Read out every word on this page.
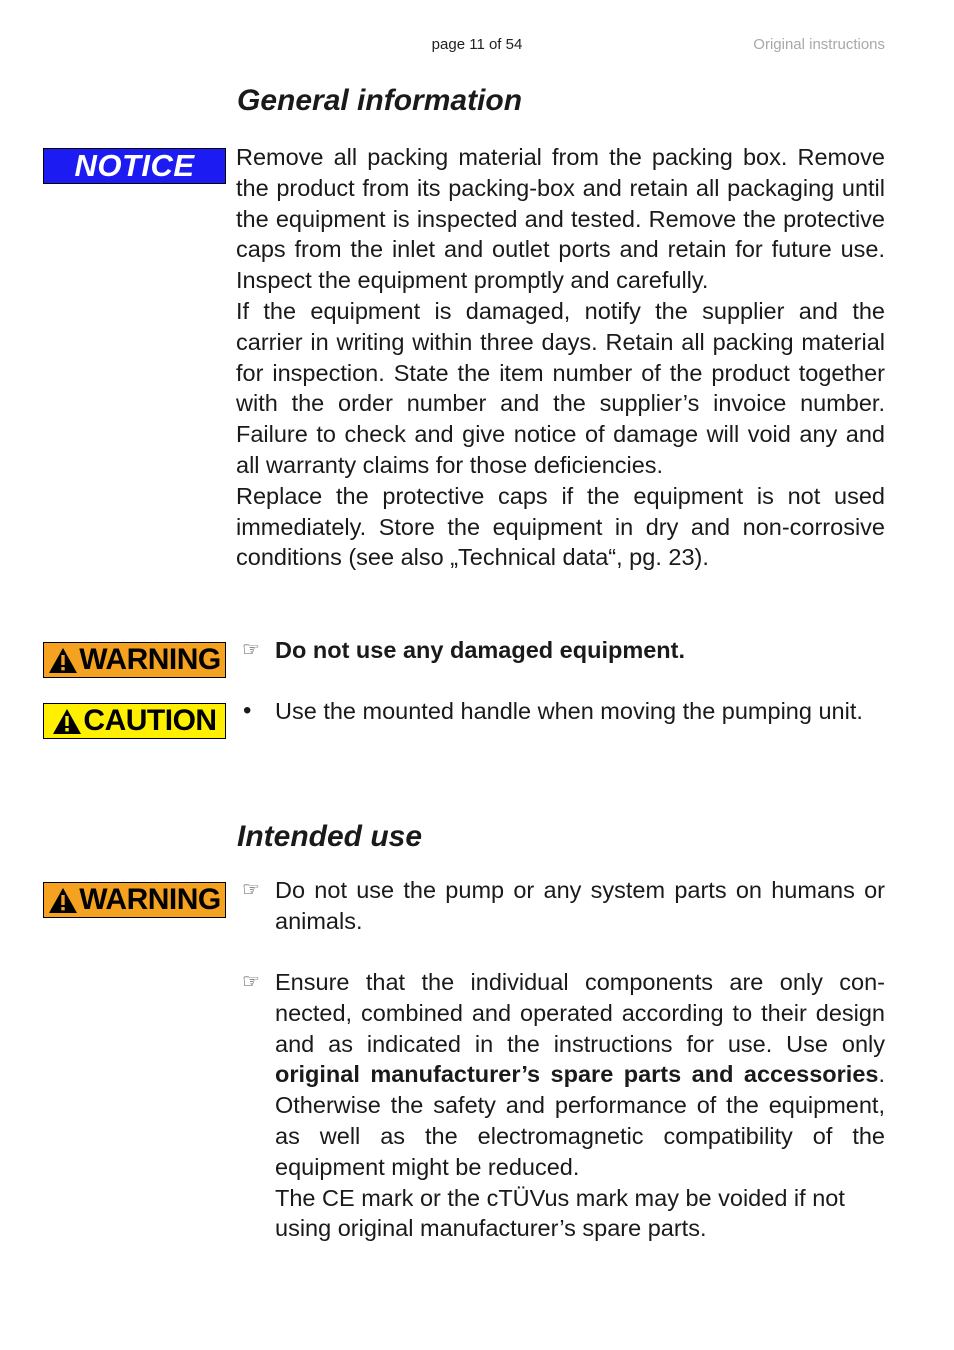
page 11 of 54	Original instructions
General information
NOTICE Remove all packing material from the packing box. Remove the product from its packing-box and retain all packaging until the equipment is inspected and tested. Remove the protective caps from the inlet and outlet ports and retain for future use. Inspect the equipment promptly and carefully.

If the equipment is damaged, notify the supplier and the carrier in writing within three days. Retain all packing material for inspection. State the item number of the product together with the order number and the supplier’s invoice number. Failure to check and give notice of damage will void any and all warranty claims for those deficiencies.

Replace the protective caps if the equipment is not used immediately. Store the equipment in dry and non-corrosive conditions (see also „Technical data“, pg. 23).

WARNING ☞ Do not use any damaged equipment.
CAUTION •	Use the mounted handle when moving the pumping unit.
Intended use
WARNING ☞ Do not use the pump or any system parts on humans or animals.
☞ Ensure that the individual components are only connected, combined and operated according to their design and as indicated in the instructions for use. Use only original manufacturer’s spare parts and accessories. Otherwise the safety and performance of the equipment, as well as the electromagnetic compatibility of the equipment might be reduced.

The CE mark or the cTÜVus mark may be voided if not using original manufacturer’s spare parts.
